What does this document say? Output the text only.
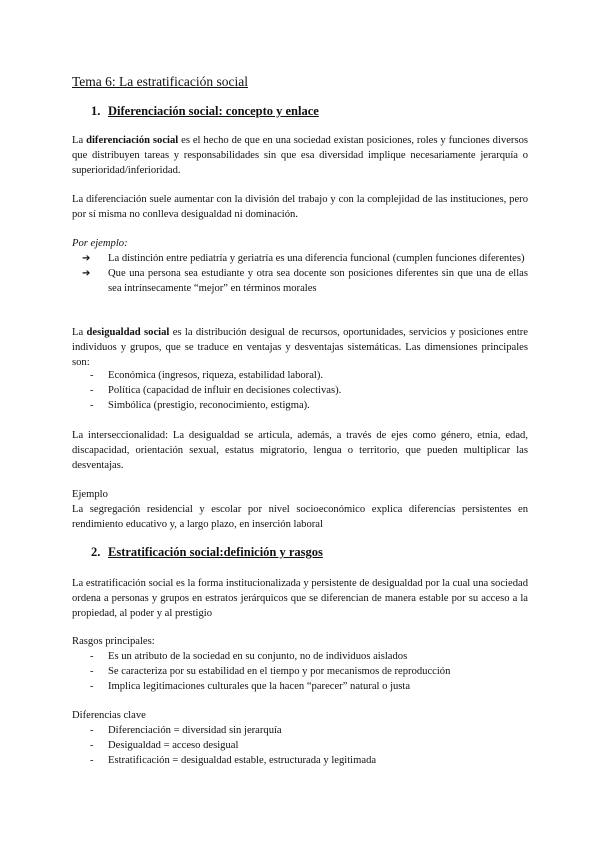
Tema 6: La estratificación social
1. Diferenciación social: concepto y enlace
La diferenciación social es el hecho de que en una sociedad existan posiciones, roles y funciones diversos que distribuyen tareas y responsabilidades sin que esa diversidad implique necesariamente jerarquía o superioridad/inferioridad.
La diferenciación suele aumentar con la división del trabajo y con la complejidad de las instituciones, pero por sí misma no conlleva desigualdad ni dominación.
Por ejemplo:
➔ La distinción entre pediatría y geriatría es una diferencia funcional (cumplen funciones diferentes)
➔ Que una persona sea estudiante y otra sea docente son posiciones diferentes sin que una de ellas sea intrínsecamente “mejor” en términos morales
La desigualdad social es la distribución desigual de recursos, oportunidades, servicios y posiciones entre individuos y grupos, que se traduce en ventajas y desventajas sistemáticas. Las dimensiones principales son:
- Económica (ingresos, riqueza, estabilidad laboral).
- Política (capacidad de influir en decisiones colectivas).
- Simbólica (prestigio, reconocimiento, estigma).
La interseccionalidad: La desigualdad se articula, además, a través de ejes como género, etnia, edad, discapacidad, orientación sexual, estatus migratorio, lengua o territorio, que pueden multiplicar las desventajas.
Ejemplo
La segregación residencial y escolar por nivel socioeconómico explica diferencias persistentes en rendimiento educativo y, a largo plazo, en inserción laboral
2. Estratificación social:definición y rasgos
La estratificación social es la forma institucionalizada y persistente de desigualdad por la cual una sociedad ordena a personas y grupos en estratos jerárquicos que se diferencian de manera estable por su acceso a la propiedad, al poder y al prestigio
Rasgos principales:
- Es un atributo de la sociedad en su conjunto, no de individuos aislados
- Se caracteriza por su estabilidad en el tiempo y por mecanismos de reproducción
- Implica legitimaciones culturales que la hacen “parecer” natural o justa
Diferencias clave
- Diferenciación = diversidad sin jerarquía
- Desigualdad = acceso desigual
- Estratificación = desigualdad estable, estructurada y legitimada
